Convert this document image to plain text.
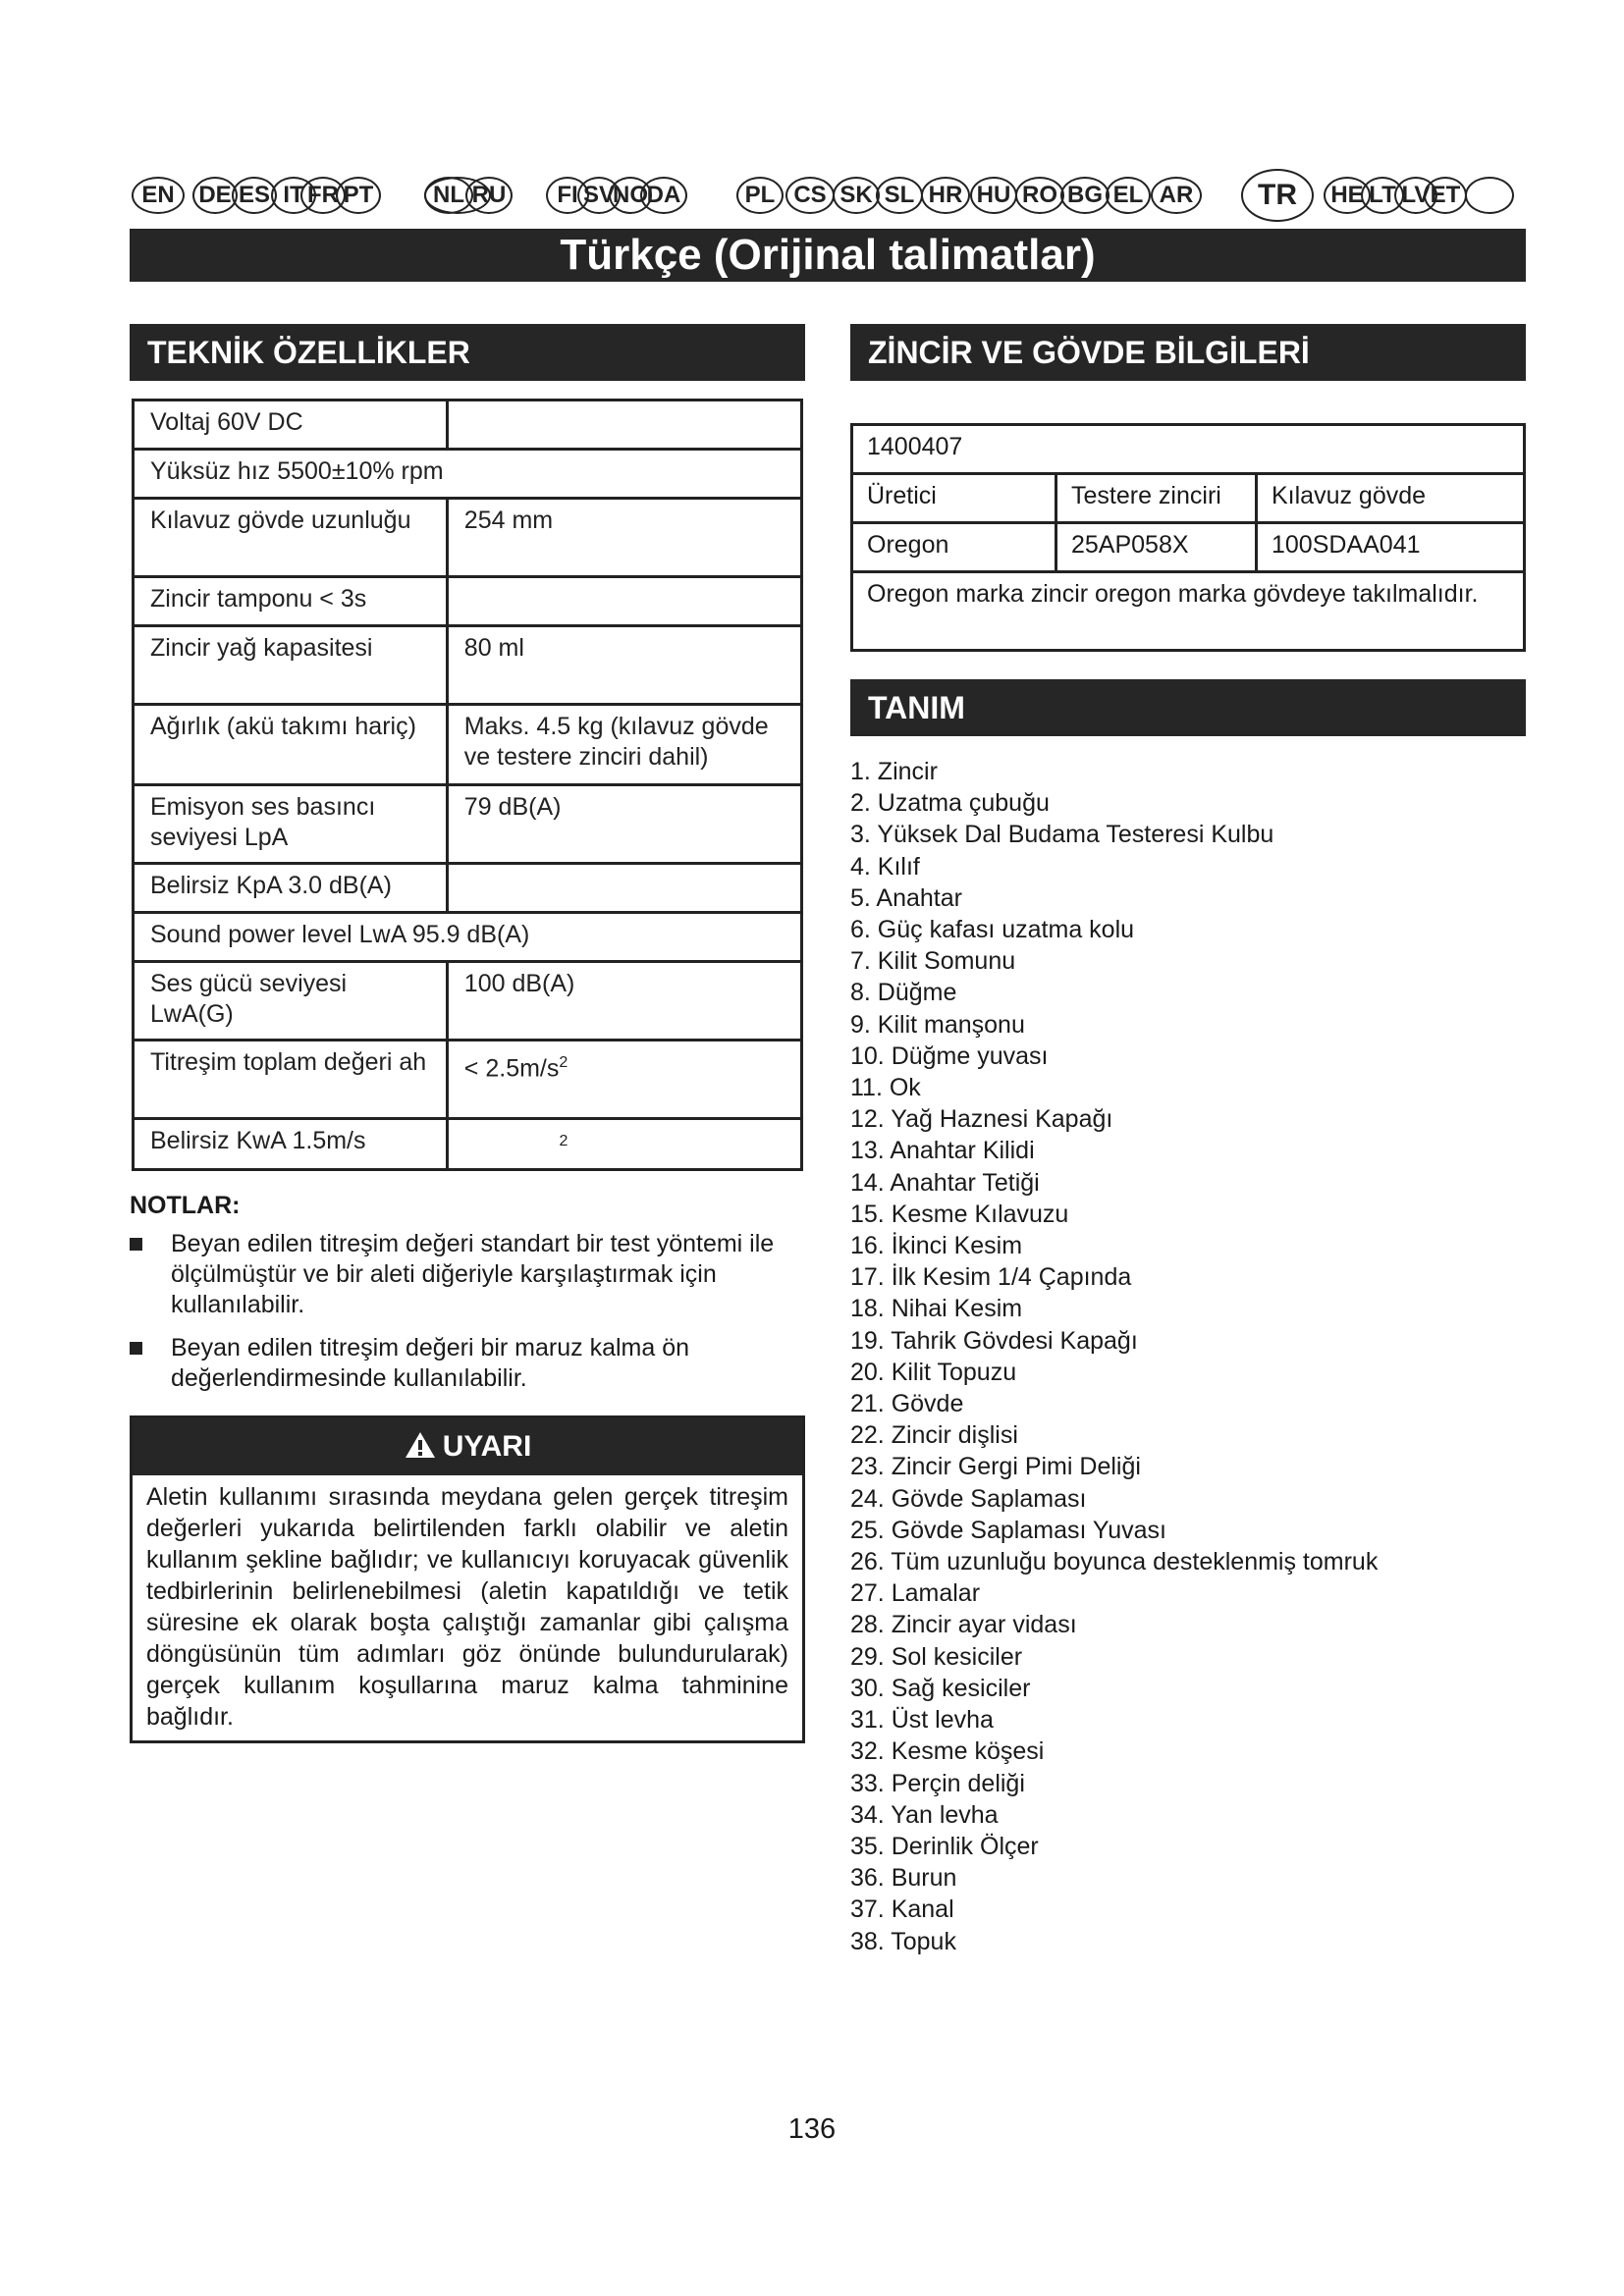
EN	DE ES IT FR PT	NL RU	FI SV
NO
DA	PL CS SK SL HR HU RO BG EL AR	TR	HE LT LV ET
Türkçe (Orijinal talimatlar)
TEKNİK ÖZELLİKLER
Voltaj 60V DC	
Yüksüz hız 5500±10% rpm	
Kılavuz gövde uzunluğu	254 mm
Zincir tamponu < 3s	
Zincir yağ kapasitesi	80 ml
Ağırlık (akü takımı hariç)	Maks. 4.5 kg (kılavuz gövde ve testere zinciri dahil)
Emisyon ses basıncı seviyesi LpA	79 dB(A)
Belirsiz KpA 3.0 dB(A)	
Sound power level LwA 95.9 dB(A)	
Ses gücü seviyesi LwA(G)	100 dB(A)
Titreşim toplam değeri ah	< $2.5m/s^2$
Belirsiz KwA 1.5m/s	$^2$
NOTLAR:
Beyan edilen titreşim değeri standart bir test yöntemi ile ölçülmüştür ve bir aleti diğeriyle karşılaştırmak için kullanılabilir.
Beyan edilen titreşim değeri bir maruz kalma ön değerlendirmesinde kullanılabilir.
UYARI
Aletin kullanımı sırasında meydana gelen gerçek titreşim değerleri yukarıda belirtilenden farklı olabilir ve aletin kullanım şekline bağlıdır; ve kullanıcıyı koruyacak güvenlik tedbirlerinin belirlenebilmesi (aletin kapatıldığı ve tetik süresine ek olarak boşta çalıştığı zamanlar gibi çalışma döngüsünün tüm adımları göz önünde bulundurularak) gerçek kullanım koşullarına maruz kalma tahminine bağlıdır.
ZİNCİR VE GÖVDE BİLGİLERİ
1400407		
Üretici	Testere zinciri	Kılavuz gövde
Oregon	25AP058X	100SDAA041
Oregon marka zincir oregon marka gövdeye takılmalıdır.		
TANIM
1. Zincir
2. Uzatma çubuğu
3. Yüksek Dal Budama Testeresi Kulbu
4. Kılıf
5. Anahtar
6. Güç kafası uzatma kolu
7. Kilit Somunu
8. Düğme
9. Kilit manşonu
10. Düğme yuvası
11. Ok
12. Yağ Haznesi Kapağı
13. Anahtar Kilidi
14. Anahtar Tetiği
15. Kesme Kılavuzu
16. İkinci Kesim
17. İlk Kesim 1/4 Çapında
18. Nihai Kesim
19. Tahrik Gövdesi Kapağı
20. Kilit Topuzu
21. Gövde
22. Zincir dişlisi
23. Zincir Gergi Pimi Deliği
24. Gövde Saplaması
25. Gövde Saplaması Yuvası
26. Tüm uzunluğu boyunca desteklenmiş tomruk
27. Lamalar
28. Zincir ayar vidası
29. Sol kesiciler
30. Sağ kesiciler
31. Üst levha
32. Kesme köşesi
33. Perçin deliği
34. Yan levha
35. Derinlik Ölçer
36. Burun
37. Kanal
38. Topuk
136
